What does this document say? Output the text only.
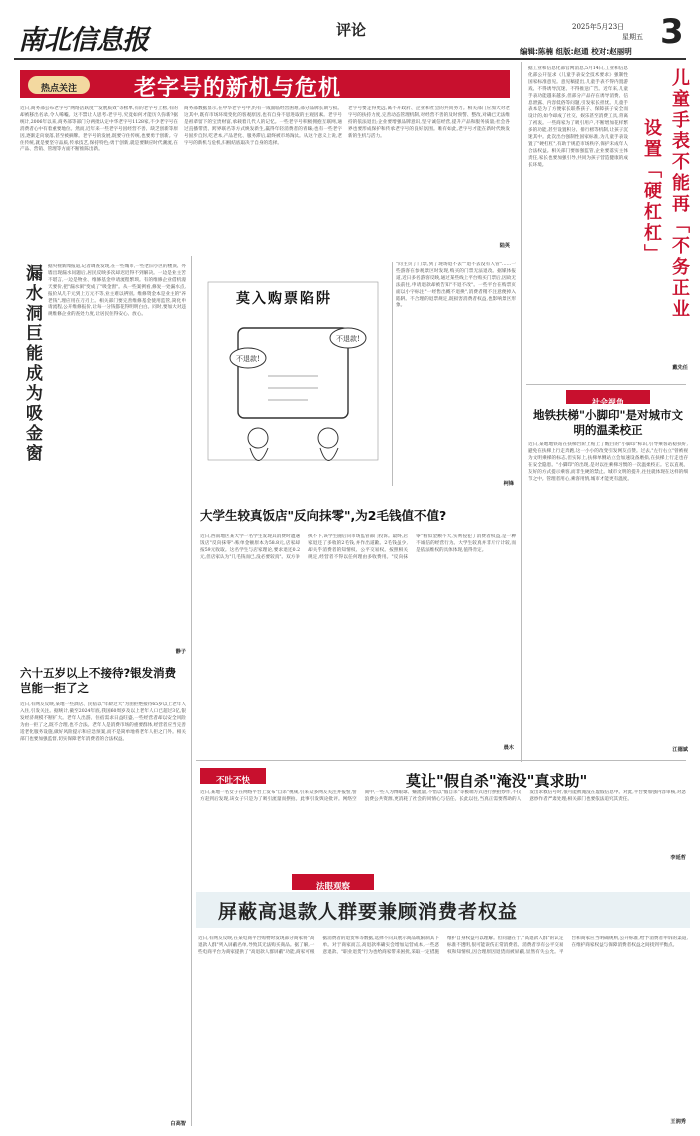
南北信息报	评论	2025年5月23日
星期五 3
编辑:陈楠 组版:赵通 校对:赵丽明
热点关注	老字号的新机与危机
近日,商务部公布老字号"网络活跃度""发展质效"等榜单,有的老字号上榜,有的却被移出名录,令人唏嘘。这不禁让人思考:老字号,究竟如何才能历久弥新?据统计,2006年以来,商务部等部门分两批认定中华老字号1128家,不少老字号在消费者心中有着重要地位。然而,近年来一些老字号因经营不善、缺乏创新等原因,逐渐走向衰落,甚至被摘牌。老字号的发展,既要守住传统,也要勇于创新。守住传统,就是要坚守品质,传承技艺,保持特色;勇于创新,就是要顺应时代潮流,在产品、营销、管理等方面不断推陈出新。
商务部数据显示,在中华老字号中,约有一成面临经营困难,部分品牌长期亏损。这其中,既有市场环境变化的客观原因,也有自身不思进取的主观因素。老字号是祖辈留下的宝贵财富,承载着几代人的记忆。一些老字号积极拥抱互联网,通过直播带货、跨界联名等方式焕发新生,赢得年轻消费者的青睐;也有一些老字号固步自封,吃老本,产品老化、服务滞后,最终被市场淘汰。从这个意义上说,老字号的新机与危机,归根结底取决于自身的选择。
老字号要走得更远,离不开政府、企业和社会的共同努力。相关部门应加大对老字号的扶持力度,完善动态管理机制,对经营不善的及时预警、整改,对确已无法维持的依法退出;企业要增强品牌意识,坚守诚信经营,提升产品和服务质量;社会各界也要形成保护和传承老字号的良好氛围。唯有如此,老字号才能在新时代焕发新的生机与活力。
陆英
据工业和信息化部官网消息,5月14日,工业和信息化部公开征求《儿童手表安全技术要求》强制性国家标准意见。意见稿提出,儿童手表不得内置游戏、不得诱导沉迷、不得推送广告。近年来,儿童手表功能越来越多,但部分产品存在诱导消费、信息泄露、内容低俗等问题,引发家长担忧。儿童手表本是为了方便家长联系孩子、保障孩子安全而设计的,如今却成了社交、娱乐甚至消费工具,背离了初衷。一些商家为了吸引用户,不断增加花样繁多的功能,甚至设置积分、排行榜等机制,让孩子沉迷其中。此次出台强制性国家标准,为儿童手表设置了"硬杠杠",有助于规范市场秩序,保护未成年人合法权益。相关部门要加强监管,企业要落实主体责任,家长也要加强引导,共同为孩子营造健康的成长环境。	儿童手表不能再「不务正业
设置「硬杠杠」
戴先任
社会视角
地铁扶梯"小脚印"是对城市文明的温柔校正
近日,某地地铁站在扶梯台阶上贴上了醒目的"小脚印"标识,引导乘客站稳扶好,避免在扶梯上行走奔跑,这一小小的改变引发网友点赞。过去,"左行右立"曾被视为文明乘梯的标志,但实际上,扶梯单侧站立会加速设备磨损,在扶梯上行走也存在安全隐患。"小脚印"的出现,是对以往乘梯习惯的一次温柔校正。它以直观、友好的方式提示乘客,而非生硬的禁止。城市文明的提升,往往就体现在这样的细节之中。管理者用心,乘客用情,城市才能更有温度。
江德斌
漏水洞巨能成为吸金窗	据央视新闻报道,记者调查发现,在一些城市,一些老旧小区的楼顶、外墙出现漏水问题后,居民反映多次却迟迟得不到解决。一边是业主苦不堪言,一边是物业、维修基金申请流程繁琐。有的维修企业借机漫天要价,把"漏水洞"变成了"吸金窗"。从一些案例看,修复一处漏水点,报价从几千元到上万元不等,业主难以辨别。维修资金本是业主的"养老钱",理应用在刀刃上。相关部门要完善维修基金使用监管,简化申请流程,公开维修报价,让每一分钱都花得明明白白。同时,要加大对违规维修企业的查处力度,让居民住得安心、放心。
静子
莫入购票陷阱
不退款!
不退款!
"问主页了门票,到了现场退不去""退不去没有人管"……一些游客在参观景区时发现,购买的门票无法退改。据媒体报道,近日多名游客反映,通过某些线上平台购买门票后,因故无法前往,申请退款却被告知"不退不改"。一些平台在购票页面以小字标注"一经售出概不退换",消费者稍不注意便掉入陷阱。不合理的退票规定,既损害消费者权益,也影响景区形象。
柯锋
大学生较真饭店"反向抹零",为2毛钱值不值?
近日,西南地区某大学一名学生发现其消费时遭遇饭店"反向抹零":账单金额原本为58.8元,店家却按59元收取。这名学生与店家理论,要求退还0.2元,但店家认为"几毛钱而已,没必要较真"。双方争执不下,该学生随后向市场监管部门投诉。最终,店家退还了多收的2毛钱,并作出道歉。2毛钱虽少,却关乎消费者的知情权、公平交易权。按照相关规定,经营者不得以任何理由多收费用。"反向抹零"看似金额不大,实则侵犯了消费者权益,是一种不诚信的经营行为。大学生较真并非斤斤计较,而是依法维权的具体体现,值得肯定。
晨木
六十五岁以上不接待?银发消费岂能一拒了之
近日,有网友反映,某地一些酒店、民宿以"年龄过大"为由拒绝接待65岁以上老年人入住,引发关注。据统计,截至2024年底,我国60周岁及以上老年人口已超过3亿,银发经济规模不断扩大。老年人出游、住宿需求日益旺盛,一些经营者却以安全风险为由一拒了之,既不合理,也不合法。老年人是消费市场的重要群体,经营者应当完善适老化服务设施,做好风险提示和应急预案,而不是简单地将老年人拒之门外。相关部门也要加强监督,切实保障老年消费者的合法权益。
白高智
不吐不快	莫让"假自杀"淹没"真求助"
近日,某地一名女子在网络平台上发布"自杀"视频,引来众多网友关注并报警,警方赶到后发现,该女子只是为了吸引流量而摆拍。此事引发舆论批评。网络空间中,一些人为博眼球、赚流量,不惜以"假自杀"等极端方式进行摆拍炒作,不仅浪费公共资源,更消耗了社会的同情心与信任。长此以往,当真正需要帮助的人发出求救信号时,很可能被淹没在虚假信息中。对此,平台要加强内容审核,对恶意炒作者严肃处理;相关部门也要依法追究其责任。
李延哲
法眼观察
屏蔽高退款人群要兼顾消费者权益
近日,有网友反映,在某电商平台购物时发现部分商家将"高退款人群"列入屏蔽名单,导致其无法购买商品。据了解,一些电商平台为商家提供了"高退款人群屏蔽"功能,商家可根据消费者的退货率等数据,选择不向其展示商品或限制其下单。对于商家而言,高退款率确实会增加运营成本,一些恶意退款、"职业退货"行为也给商家带来困扰,采取一定措施维护自身权益可以理解。但问题在于,"高退款人群"的认定标准不透明,很可能误伤正常消费者。消费者享有公平交易权和知情权,因合理原因退货而被屏蔽,显然有失公允。平台和商家应当明确规则,公开标准,给予消费者申诉的渠道,在维护商家权益与保障消费者权益之间找到平衡点。
王润秀
